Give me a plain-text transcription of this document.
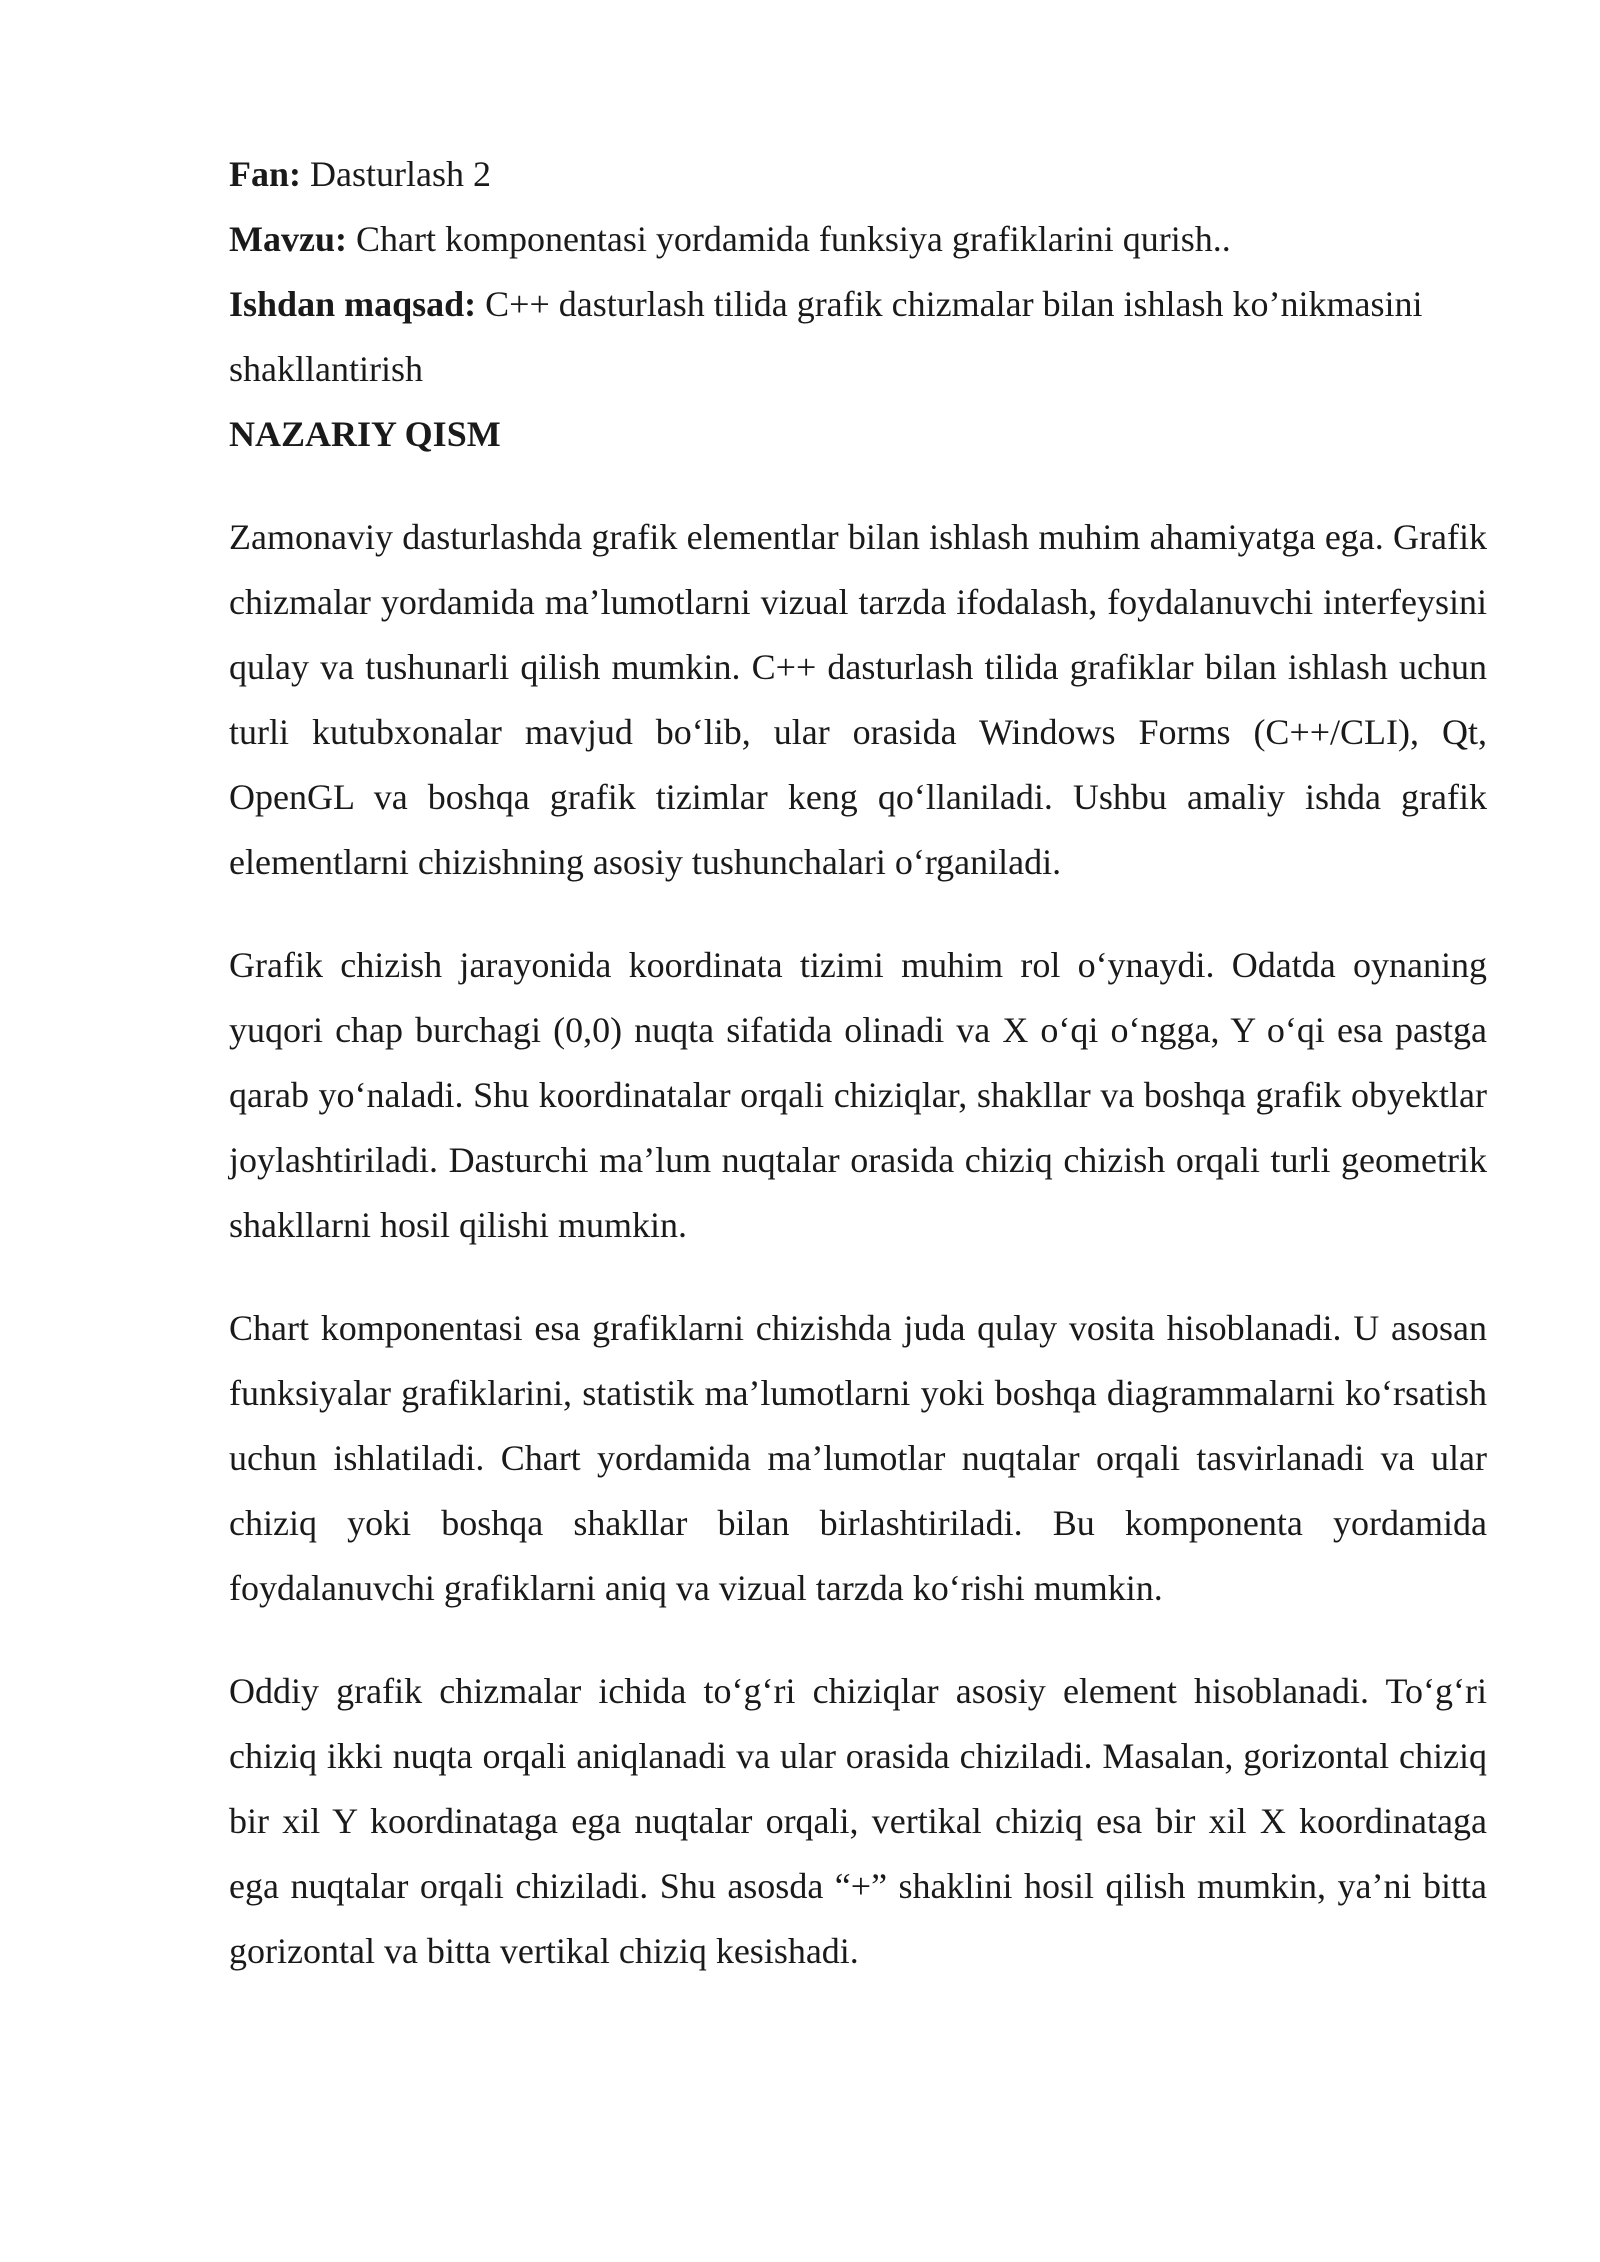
Fan: Dasturlash 2

Mavzu: Chart komponentasi yordamida funksiya grafiklarini qurish..

Ishdan maqsad: C++ dasturlash tilida grafik chizmalar bilan ishlash ko’nikmasini shakllantirish

NAZARIY QISM

Zamonaviy dasturlashda grafik elementlar bilan ishlash muhim ahamiyatga ega. Grafik chizmalar yordamida ma’lumotlarni vizual tarzda ifodalash, foydalanuvchi interfeysini qulay va tushunarli qilish mumkin. C++ dasturlash tilida grafiklar bilan ishlash uchun turli kutubxonalar mavjud bo‘lib, ular orasida Windows Forms (C++/CLI), Qt, OpenGL va boshqa grafik tizimlar keng qo‘llaniladi. Ushbu amaliy ishda grafik elementlarni chizishning asosiy tushunchalari o‘rganiladi.

Grafik chizish jarayonida koordinata tizimi muhim rol o‘ynaydi. Odatda oynaning yuqori chap burchagi (0,0) nuqta sifatida olinadi va X o‘qi o‘ngga, Y o‘qi esa pastga qarab yo‘naladi. Shu koordinatalar orqali chiziqlar, shakllar va boshqa grafik obyektlar joylashtiriladi. Dasturchi ma’lum nuqtalar orasida chiziq chizish orqali turli geometrik shakllarni hosil qilishi mumkin.

Chart komponentasi esa grafiklarni chizishda juda qulay vosita hisoblanadi. U asosan funksiyalar grafiklarini, statistik ma’lumotlarni yoki boshqa diagrammalarni ko‘rsatish uchun ishlatiladi. Chart yordamida ma’lumotlar nuqtalar orqali tasvirlanadi va ular chiziq yoki boshqa shakllar bilan birlashtiriladi. Bu komponenta yordamida foydalanuvchi grafiklarni aniq va vizual tarzda ko‘rishi mumkin.

Oddiy grafik chizmalar ichida to‘g‘ri chiziqlar asosiy element hisoblanadi. To‘g‘ri chiziq ikki nuqta orqali aniqlanadi va ular orasida chiziladi. Masalan, gorizontal chiziq bir xil Y koordinataga ega nuqtalar orqali, vertikal chiziq esa bir xil X koordinataga ega nuqtalar orqali chiziladi. Shu asosda “+” shaklini hosil qilish mumkin, ya’ni bitta gorizontal va bitta vertikal chiziq kesishadi.
